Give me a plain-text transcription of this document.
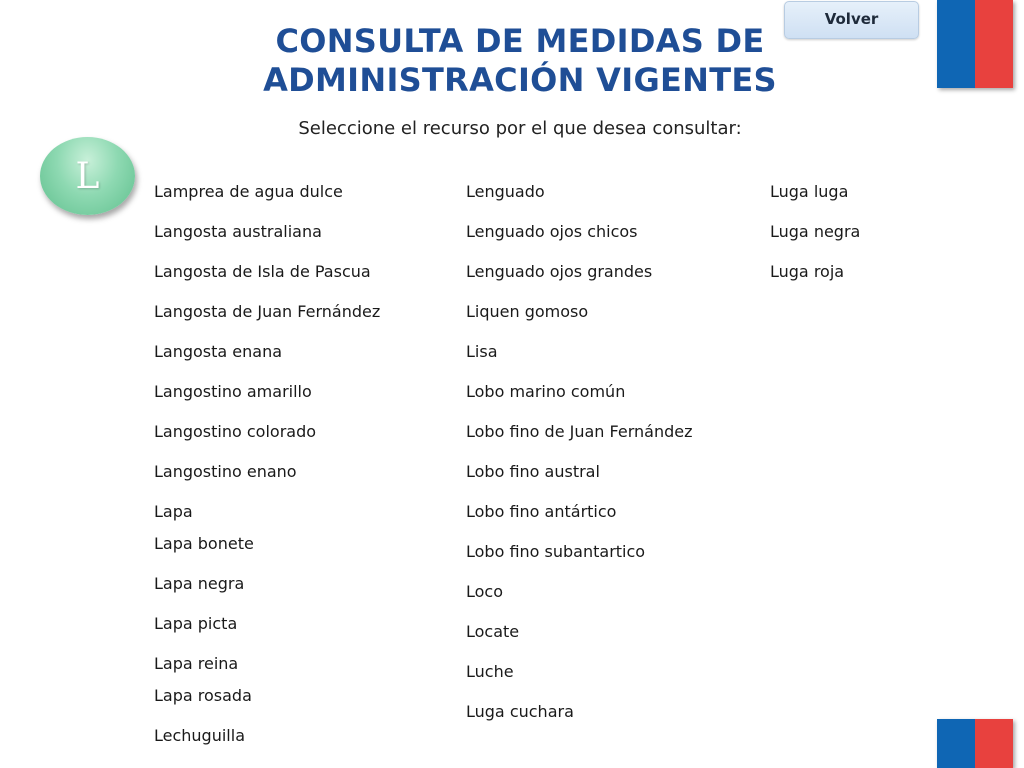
CONSULTA DE MEDIDAS DE
ADMINISTRACIÓN VIGENTES
Seleccione el recurso por el que desea consultar:
Volver
L	Lamprea de agua dulce
Langosta australiana
Langosta de Isla de Pascua
Langosta de Juan Fernández
Langosta enana
Langostino amarillo
Langostino colorado
Langostino enano
Lapa
Lapa bonete
Lapa negra
Lapa picta
Lapa reina
Lapa rosada
Lechuguilla
Lenguado
Lenguado ojos chicos
Lenguado ojos grandes
Liquen gomoso
Lisa
Lobo marino común
Lobo fino de Juan Fernández
Lobo fino austral
Lobo fino antártico
Lobo fino subantartico
Loco
Locate
Luche
Luga cuchara
Luga luga
Luga negra
Luga roja
